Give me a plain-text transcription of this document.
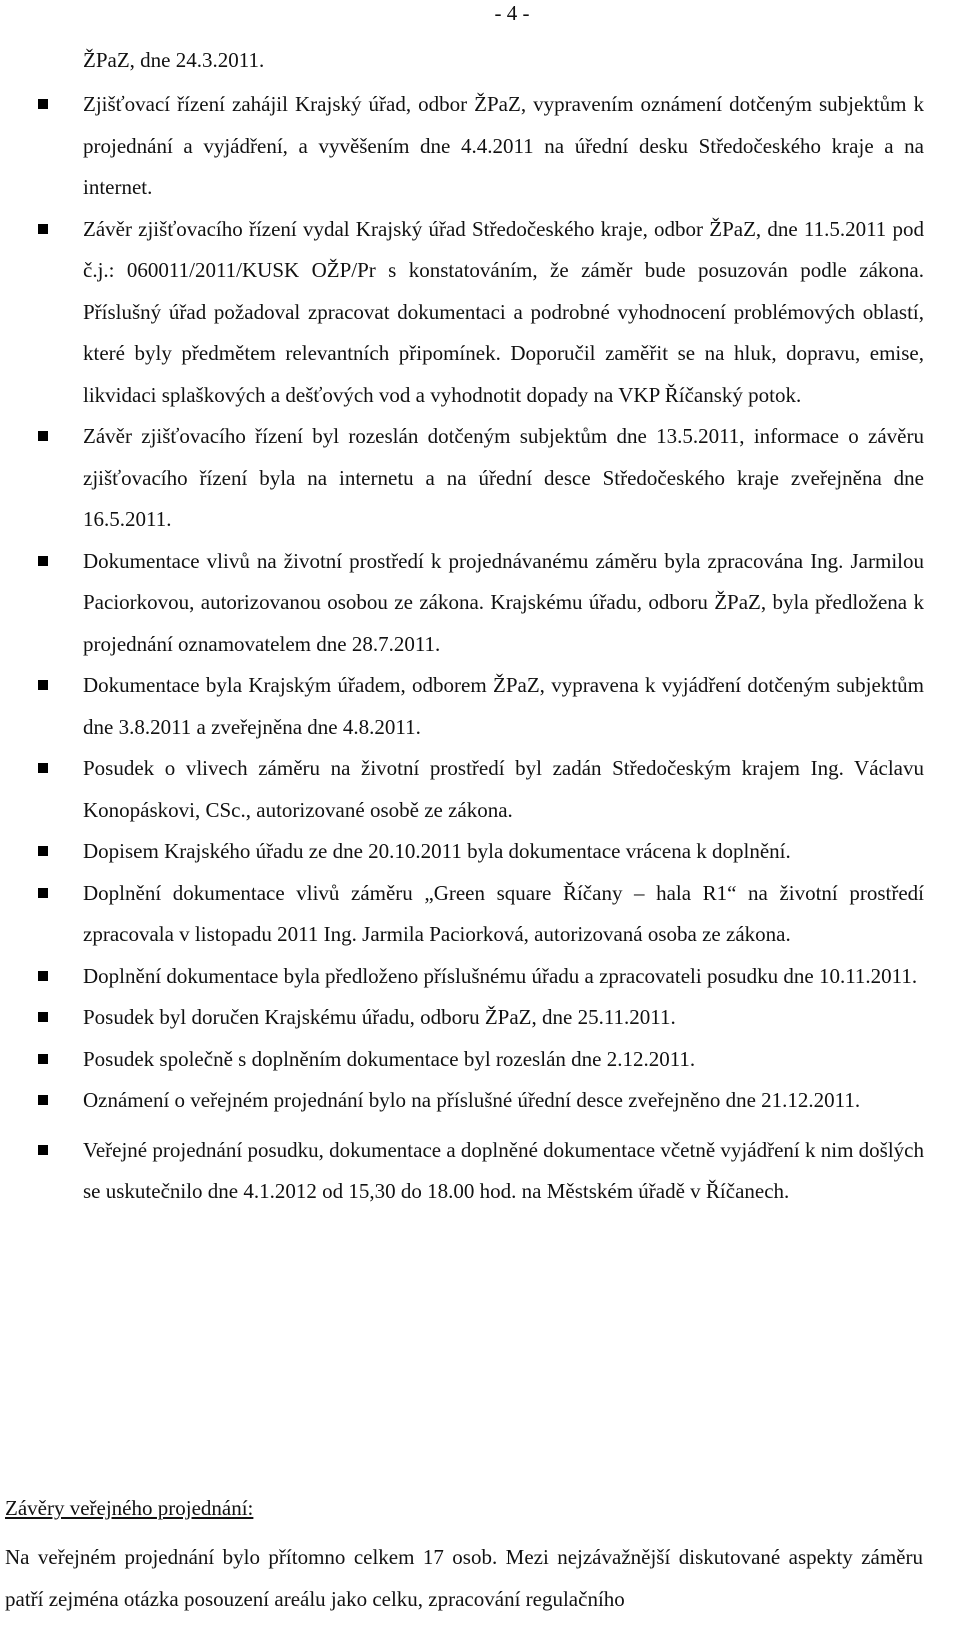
- 4 -
ŽPaZ, dne 24.3.2011.
Zjišťovací řízení zahájil Krajský úřad, odbor ŽPaZ, vypravením oznámení dotčeným subjektům k projednání a vyjádření, a vyvěšením dne 4.4.2011 na úřední desku Středočeského kraje a na internet.
Závěr zjišťovacího řízení vydal Krajský úřad Středočeského kraje, odbor ŽPaZ, dne 11.5.2011 pod č.j.: 060011/2011/KUSK OŽP/Pr s konstatováním, že záměr bude posuzován podle zákona. Příslušný úřad požadoval zpracovat dokumentaci a podrobné vyhodnocení problémových oblastí, které byly předmětem relevantních připomínek. Doporučil zaměřit se na hluk, dopravu, emise, likvidaci splaškových a dešťových vod a vyhodnotit dopady na VKP Říčanský potok.
Závěr zjišťovacího řízení byl rozeslán dotčeným subjektům dne 13.5.2011, informace o závěru zjišťovacího řízení byla na internetu a na úřední desce Středočeského kraje zveřejněna dne 16.5.2011.
Dokumentace vlivů na životní prostředí k projednávanému záměru byla zpracována Ing. Jarmilou Paciorkovou, autorizovanou osobou ze zákona. Krajskému úřadu, odboru ŽPaZ, byla předložena k projednání oznamovatelem dne 28.7.2011.
Dokumentace byla Krajským úřadem, odborem ŽPaZ, vypravena k vyjádření dotčeným subjektům dne 3.8.2011 a zveřejněna dne 4.8.2011.
Posudek o vlivech záměru na životní prostředí byl zadán Středočeským krajem Ing. Václavu Konopáskovi, CSc., autorizované osobě ze zákona.
Dopisem Krajského úřadu ze dne 20.10.2011 byla dokumentace vrácena k doplnění.
Doplnění dokumentace vlivů záměru „Green square Říčany – hala R1“ na životní prostředí zpracovala v listopadu 2011 Ing. Jarmila Paciorková, autorizovaná osoba ze zákona.
Doplnění dokumentace byla předloženo příslušnému úřadu a zpracovateli posudku dne 10.11.2011.
Posudek byl doručen Krajskému úřadu, odboru ŽPaZ, dne 25.11.2011.
Posudek společně s doplněním dokumentace byl rozeslán dne 2.12.2011.
Oznámení o veřejném projednání bylo na příslušné úřední desce zveřejněno dne 21.12.2011.
Veřejné projednání posudku, dokumentace a doplněné dokumentace včetně vyjádření k nim došlých se uskutečnilo dne 4.1.2012 od 15,30 do 18.00 hod. na Městském úřadě v Říčanech.
Závěry veřejného projednání:

Na veřejném projednání bylo přítomno celkem 17 osob. Mezi nejzávažnější diskutované aspekty záměru patří zejména otázka posouzení areálu jako celku, zpracování regulačního
